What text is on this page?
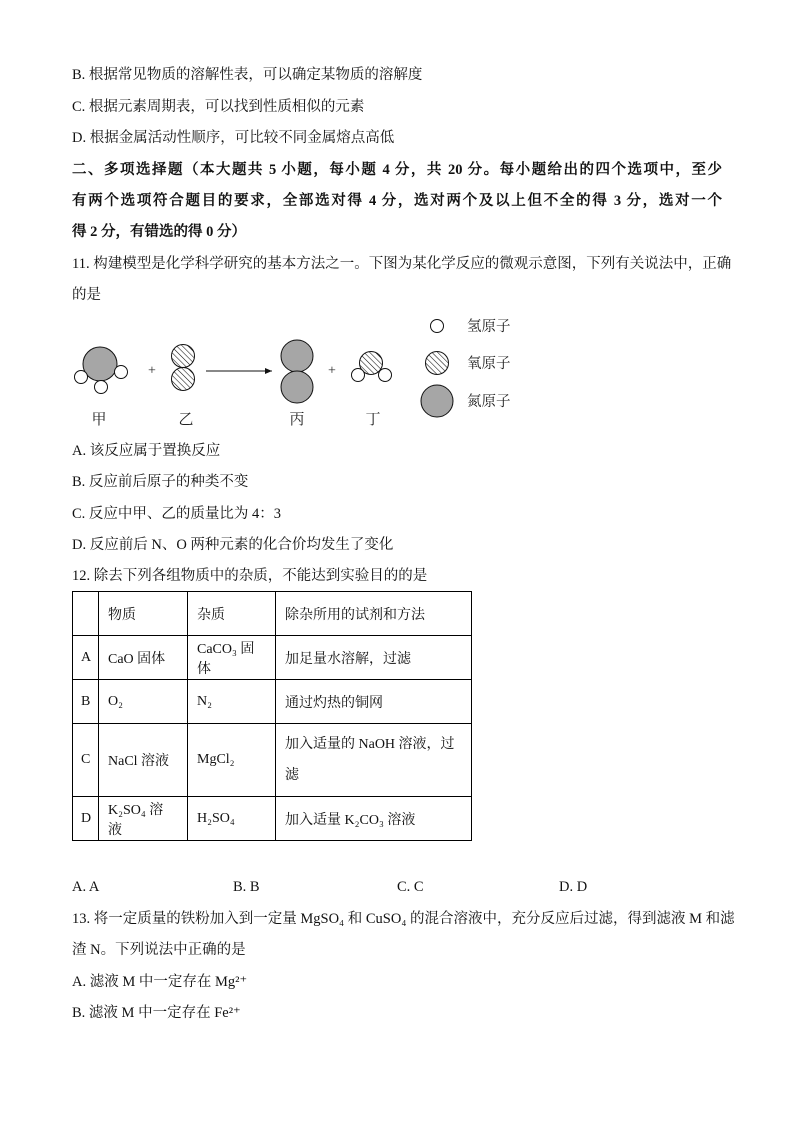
B. 根据常见物质的溶解性表，可以确定某物质的溶解度
C. 根据元素周期表，可以找到性质相似的元素
D. 根据金属活动性顺序，可比较不同金属熔点高低
二、多项选择题（本大题共 5 小题，每小题 4 分，共 20 分。每小题给出的四个选项中，至少
有两个选项符合题目的要求，全部选对得 4 分，选对两个及以上但不全的得 3 分，选对一个
得 2 分，有错选的得 0 分）
11. 构建模型是化学科学研究的基本方法之一。下图为某化学反应的微观示意图，下列有关说法中，正确
的是
+	+
甲	乙	丙	丁
氢原子
氧原子
氮原子
A. 该反应属于置换反应
B. 反应前后原子的种类不变
C. 反应中甲、乙的质量比为 4：3
D. 反应前后 N、O 两种元素的化合价均发生了变化
12. 除去下列各组物质中的杂质，不能达到实验目的的是
	物质	杂质	除杂所用的试剂和方法
A	CaO 固体	CaCO₃ 固体	加足量水溶解，过滤
B	O₂	N₂	通过灼热的铜网
C	NaCl 溶液	MgCl₂	加入适量的 NaOH 溶液，过滤
D	K₂SO₄ 溶液	H₂SO₄	加入适量 K₂CO₃ 溶液
A. A	B. B	C. C	D. D
13. 将一定质量的铁粉加入到一定量 MgSO₄ 和 CuSO₄ 的混合溶液中，充分反应后过滤，得到滤液 M 和滤
渣 N。下列说法中正确的是
A. 滤液 M 中一定存在 Mg²⁺
B. 滤液 M 中一定存在 Fe²⁺
